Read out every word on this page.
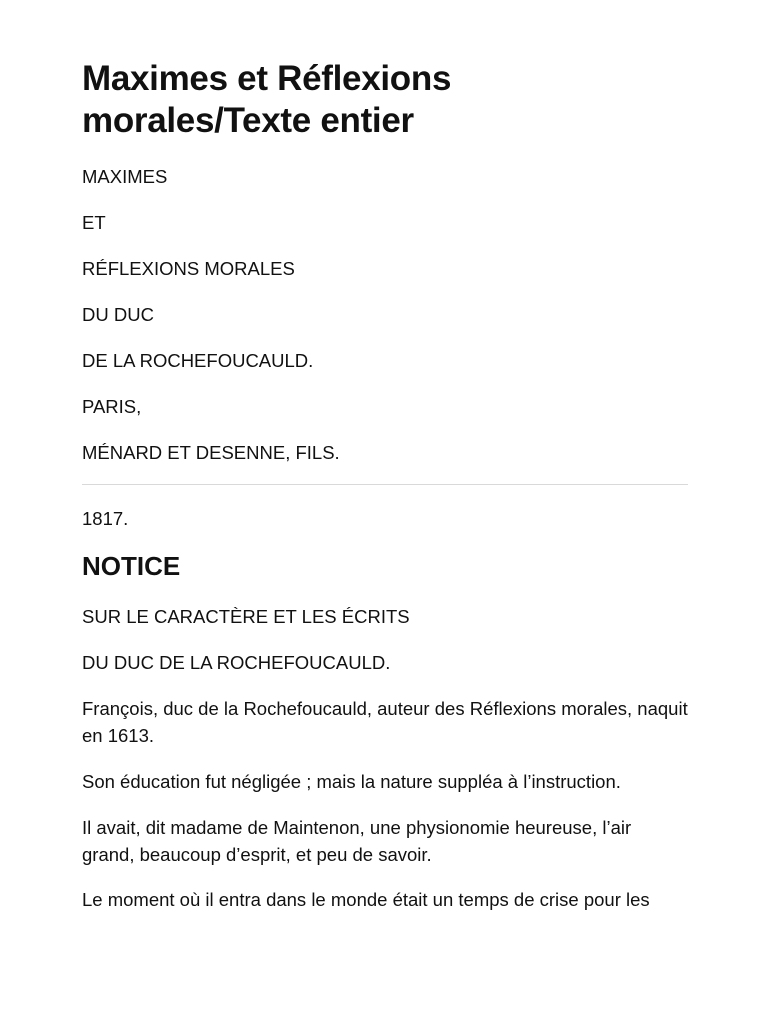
Maximes et Réflexions morales/Texte entier

MAXIMES

ET

RÉFLEXIONS MORALES

DU DUC

DE LA ROCHEFOUCAULD.

PARIS,

MÉNARD ET DESENNE, FILS.

1817.

NOTICE

SUR LE CARACTÈRE ET LES ÉCRITS

DU DUC DE LA ROCHEFOUCAULD.

François, duc de la Rochefoucauld, auteur des Réflexions morales, naquit en 1613.

Son éducation fut négligée ; mais la nature suppléa à l’instruction.

Il avait, dit madame de Maintenon, une physionomie heureuse, l’air grand, beaucoup d’esprit, et peu de savoir.

Le moment où il entra dans le monde était un temps de crise pour les
